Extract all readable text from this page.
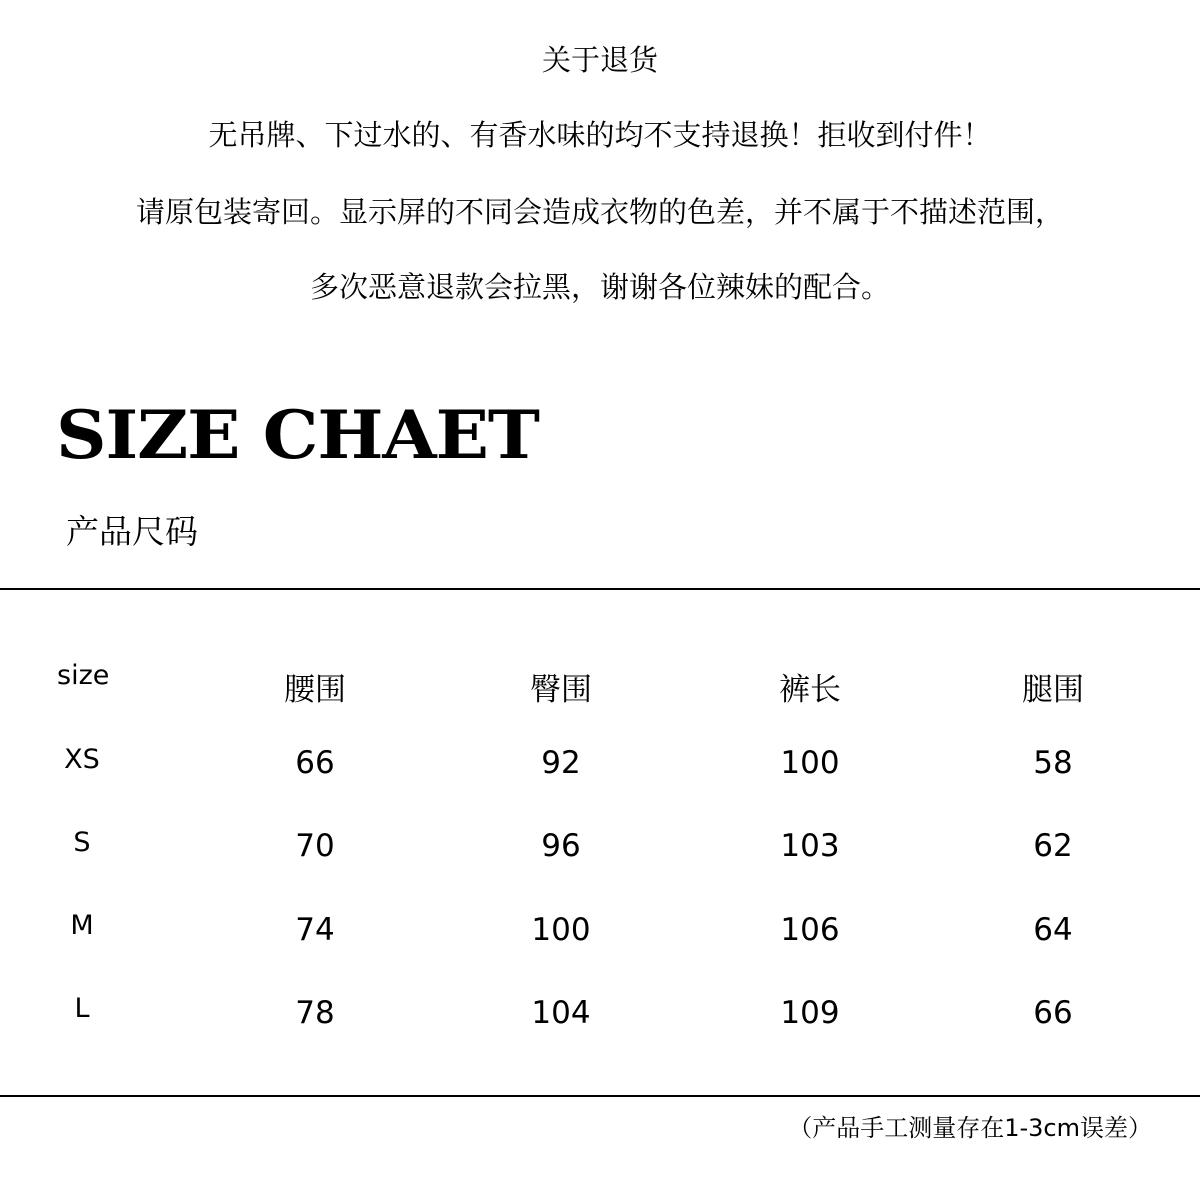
关于退货
无吊牌、下过水的、有香水味的均不支持退换！拒收到付件！
请原包装寄回。显示屏的不同会造成衣物的色差，并不属于不描述范围，
多次恶意退款会拉黑，谢谢各位辣妹的配合。
SIZE CHAET
产品尺码
size	腰围	臀围	裤长	腿围
XS	66	92	100	58
S	70	96	103	62
M	74	100	106	64
L	78	104	109	66
（产品手工测量存在1-3cm误差）
